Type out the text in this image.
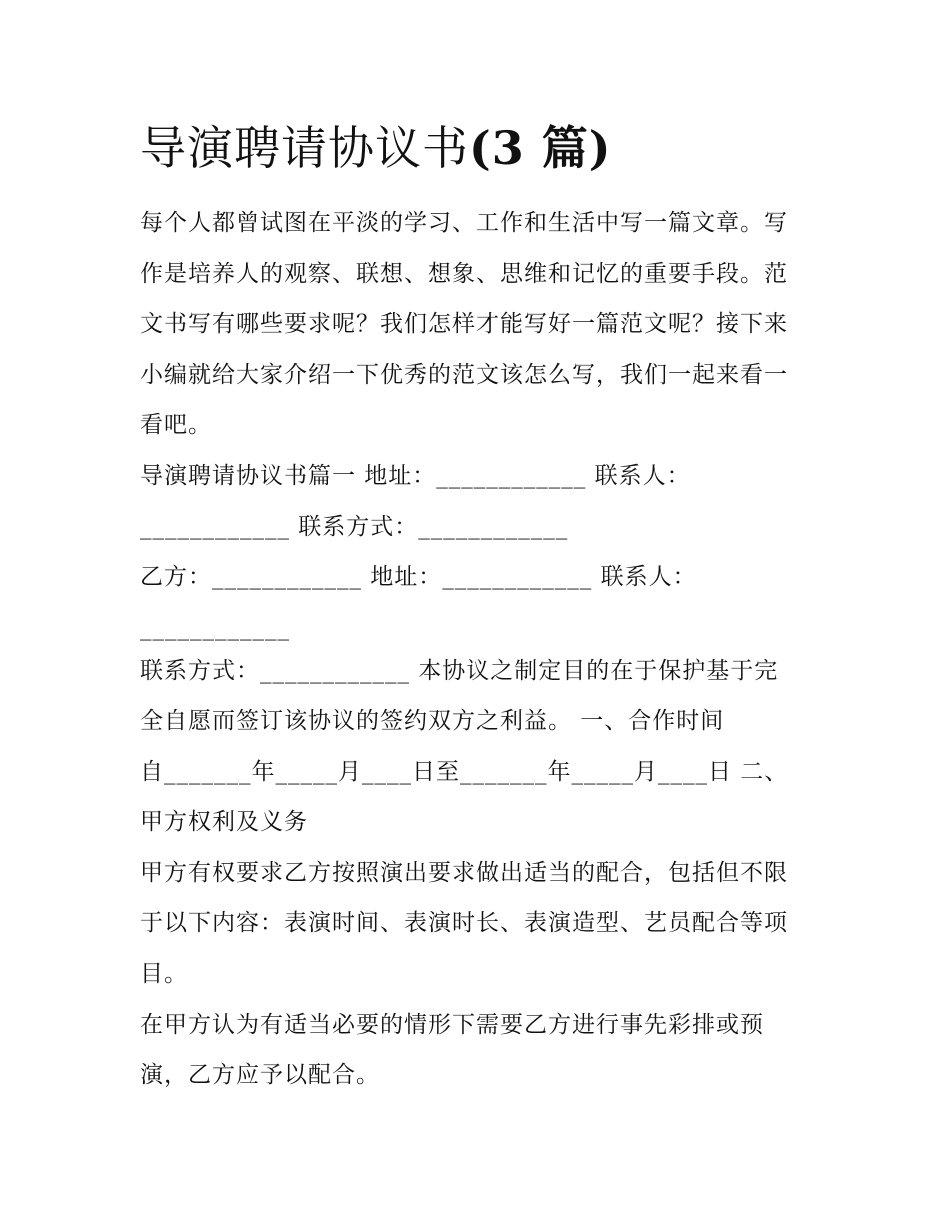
导演聘请协议书(3 篇)

每个人都曾试图在平淡的学习、工作和生活中写一篇文章。写

作是培养人的观察、联想、想象、思维和记忆的重要手段。范

文书写有哪些要求呢？我们怎样才能写好一篇范文呢？接下来

小编就给大家介绍一下优秀的范文该怎么写，我们一起来看一

看吧。

导演聘请协议书篇一 地址：____________ 联系人：

____________ 联系方式：____________

乙方：____________ 地址：____________ 联系人：

____________

联系方式：____________ 本协议之制定目的在于保护基于完

全自愿而签订该协议的签约双方之利益。 一、合作时间

自_______年_____月____日至_______年_____月____日 二、

甲方权利及义务

甲方有权要求乙方按照演出要求做出适当的配合，包括但不限

于以下内容：表演时间、表演时长、表演造型、艺员配合等项

目。

在甲方认为有适当必要的情形下需要乙方进行事先彩排或预

演，乙方应予以配合。
